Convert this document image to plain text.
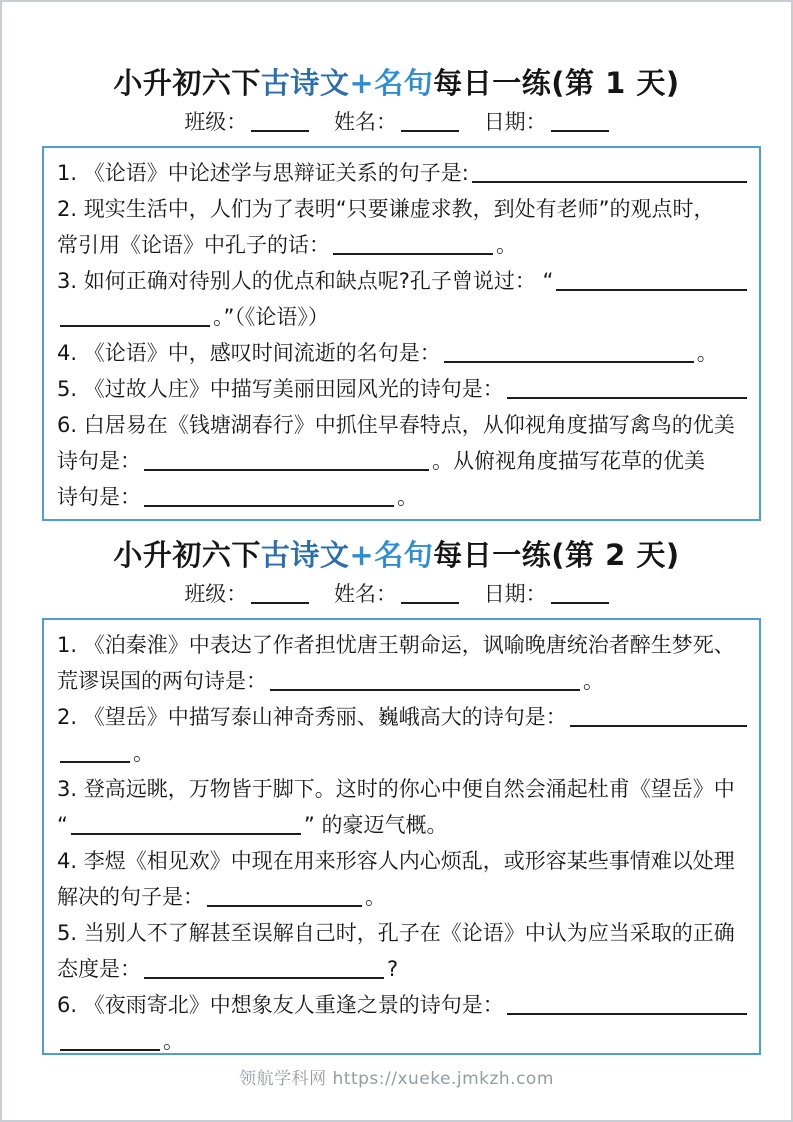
小升初六下古诗文+名句每日一练(第 1 天)
班级：	姓名：	日期：
1. 《论语》中论述学与思辩证关系的句子是:
2. 现实生活中，人们为了表明“只要谦虚求教，到处有老师”的观点时，
常引用《论语》中孔子的话：	。
3. 如何正确对待别人的优点和缺点呢?孔子曾说过： “
。”（《论语》）
4. 《论语》中，感叹时间流逝的名句是：	。
5. 《过故人庄》中描写美丽田园风光的诗句是：
6. 白居易在《钱塘湖春行》中抓住早春特点，从仰视角度描写禽鸟的优美
诗句是：	。从俯视角度描写花草的优美
诗句是：	。
小升初六下古诗文+名句每日一练(第 2 天)
班级：	姓名：	日期：
1. 《泊秦淮》中表达了作者担忧唐王朝命运，讽喻晚唐统治者醉生梦死、
荒谬误国的两句诗是：	。
2. 《望岳》中描写泰山神奇秀丽、巍峨高大的诗句是：
。
3. 登高远眺，万物皆于脚下。这时的你心中便自然会涌起杜甫《望岳》中
“	” 的豪迈气概。
4. 李煜《相见欢》中现在用来形容人内心烦乱，或形容某些事情难以处理
解决的句子是：	。
5. 当别人不了解甚至误解自己时，孔子在《论语》中认为应当采取的正确
态度是：	?
6. 《夜雨寄北》中想象友人重逢之景的诗句是：
。
领航学科网 https://xueke.jmkzh.com
